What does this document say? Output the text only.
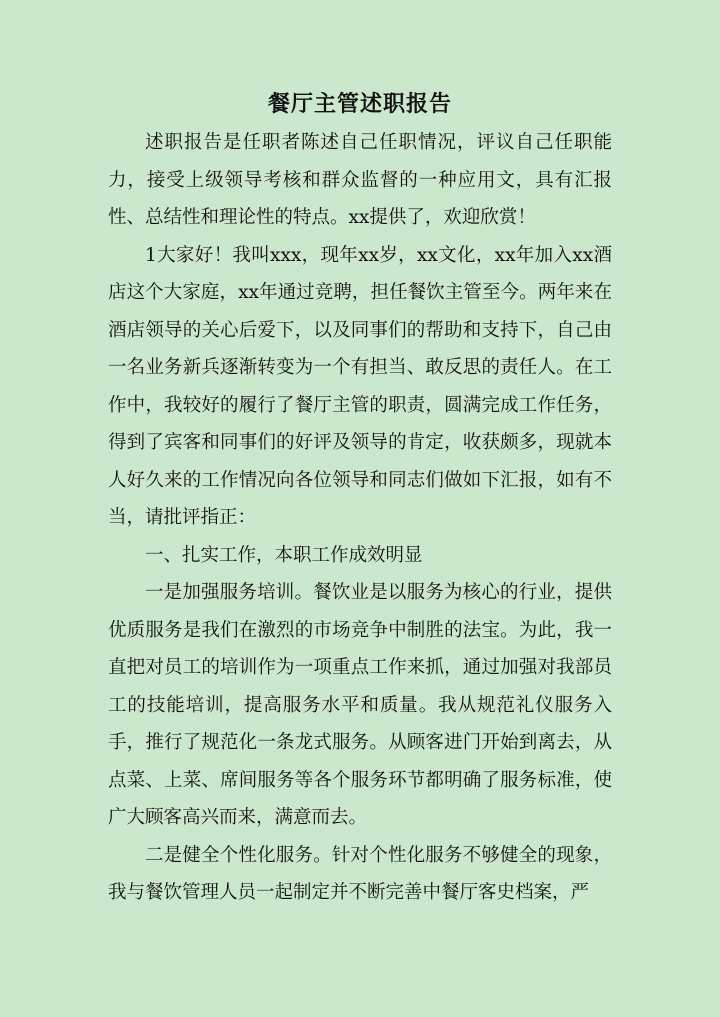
餐厅主管述职报告

述职报告是任职者陈述自己任职情况，评议自己任职能力，接受上级领导考核和群众监督的一种应用文，具有汇报性、总结性和理论性的特点。xx提供了，欢迎欣赏！

1大家好！我叫xxx，现年xx岁，xx文化，xx年加入xx酒店这个大家庭，xx年通过竞聘，担任餐饮主管至今。两年来在酒店领导的关心后爱下，以及同事们的帮助和支持下，自己由一名业务新兵逐渐转变为一个有担当、敢反思的责任人。在工作中，我较好的履行了餐厅主管的职责，圆满完成工作任务，得到了宾客和同事们的好评及领导的肯定，收获颇多，现就本人好久来的工作情况向各位领导和同志们做如下汇报，如有不当，请批评指正：

一、扎实工作，本职工作成效明显

一是加强服务培训。餐饮业是以服务为核心的行业，提供优质服务是我们在激烈的市场竞争中制胜的法宝。为此，我一直把对员工的培训作为一项重点工作来抓，通过加强对我部员工的技能培训，提高服务水平和质量。我从规范礼仪服务入手，推行了规范化一条龙式服务。从顾客进门开始到离去，从点菜、上菜、席间服务等各个服务环节都明确了服务标准，使广大顾客高兴而来，满意而去。

二是健全个性化服务。针对个性化服务不够健全的现象，我与餐饮管理人员一起制定并不断完善中餐厅客史档案，严
